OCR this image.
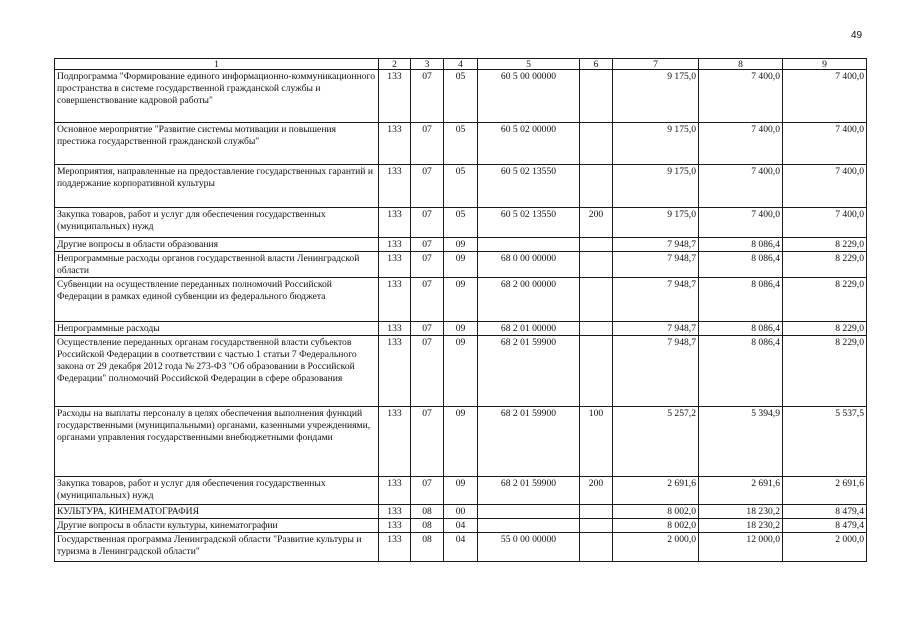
49
1	2	3	4	5	6	7	8	9
Подпрограмма "Формирование единого информационно-коммуникационного пространства в системе государственной гражданской службы и совершенствование кадровой работы"	133	07	05	60 5 00 00000		9 175,0	7 400,0	7 400,0
Основное мероприятие "Развитие системы мотивации и повышения престижа государственной гражданской службы"	133	07	05	60 5 02 00000		9 175,0	7 400,0	7 400,0
Мероприятия, направленные на предоставление государственных гарантий и поддержание корпоративной культуры	133	07	05	60 5 02 13550		9 175,0	7 400,0	7 400,0
Закупка товаров, работ и услуг для обеспечения государственных (муниципальных) нужд	133	07	05	60 5 02 13550	200	9 175,0	7 400,0	7 400,0
Другие вопросы в области образования	133	07	09			7 948,7	8 086,4	8 229,0
Непрограммные расходы органов государственной власти Ленинградской области	133	07	09	68 0 00 00000		7 948,7	8 086,4	8 229,0
Субвенции на осуществление переданных полномочий Российской Федерации в рамках единой субвенции из федерального бюджета	133	07	09	68 2 00 00000		7 948,7	8 086,4	8 229,0
Непрограммные расходы	133	07	09	68 2 01 00000		7 948,7	8 086,4	8 229,0
Осуществление переданных органам государственной власти субъектов Российской Федерации в соответствии с частью 1 статьи 7 Федерального закона от 29 декабря 2012 года № 273-ФЗ "Об образовании в Российской Федерации" полномочий Российской Федерации в сфере образования	133	07	09	68 2 01 59900		7 948,7	8 086,4	8 229,0
Расходы на выплаты персоналу в целях обеспечения выполнения функций государственными (муниципальными) органами, казенными учреждениями, органами управления государственными внебюджетными фондами	133	07	09	68 2 01 59900	100	5 257,2	5 394,9	5 537,5
Закупка товаров, работ и услуг для обеспечения государственных (муниципальных) нужд	133	07	09	68 2 01 59900	200	2 691,6	2 691,6	2 691,6
КУЛЬТУРА, КИНЕМАТОГРАФИЯ	133	08	00			8 002,0	18 230,2	8 479,4
Другие вопросы в области культуры, кинематографии	133	08	04			8 002,0	18 230,2	8 479,4
Государственная программа Ленинградской области "Развитие культуры и туризма в Ленинградской области"	133	08	04	55 0 00 00000		2 000,0	12 000,0	2 000,0
